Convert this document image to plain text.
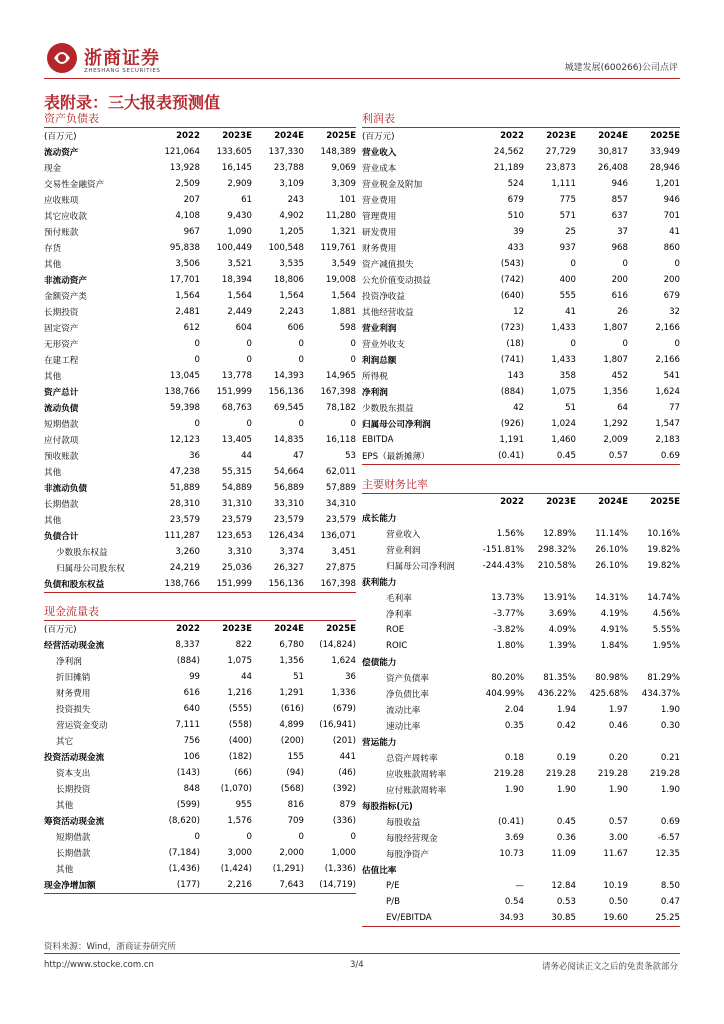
浙商证券
ZHESHANG SECURITIES	城建发展(600266)公司点评
表附录：三大报表预测值
资产负债表
(百万元)	2022	2023E	2024E	2025E
流动资产	121,064	133,605	137,330	148,389
现金	13,928	16,145	23,788	9,069
交易性金融资产	2,509	2,909	3,109	3,309
应收账项	207	61	243	101
其它应收款	4,108	9,430	4,902	11,280
预付账款	967	1,090	1,205	1,321
存货	95,838	100,449	100,548	119,761
其他	3,506	3,521	3,535	3,549
非流动资产	17,701	18,394	18,806	19,008
金额资产类	1,564	1,564	1,564	1,564
长期投资	2,481	2,449	2,243	1,881
固定资产	612	604	606	598
无形资产	0	0	0	0
在建工程	0	0	0	0
其他	13,045	13,778	14,393	14,965
资产总计	138,766	151,999	156,136	167,398
流动负债	59,398	68,763	69,545	78,182
短期借款	0	0	0	0
应付款项	12,123	13,405	14,835	16,118
预收账款	36	44	47	53
其他	47,238	55,315	54,664	62,011
非流动负债	51,889	54,889	56,889	57,889
长期借款	28,310	31,310	33,310	34,310
其他	23,579	23,579	23,579	23,579
负债合计	111,287	123,653	126,434	136,071
少数股东权益	3,260	3,310	3,374	3,451
归属母公司股东权	24,219	25,036	26,327	27,875
负债和股东权益	138,766	151,999	156,136	167,398
现金流量表
(百万元)	2022	2023E	2024E	2025E
经营活动现金流	8,337	822	6,780	(14,824)
净利润	(884)	1,075	1,356	1,624
折旧摊销	99	44	51	36
财务费用	616	1,216	1,291	1,336
投资损失	640	(555)	(616)	(679)
营运资金变动	7,111	(558)	4,899	(16,941)
其它	756	(400)	(200)	(201)
投资活动现金流	106	(182)	155	441
资本支出	(143)	(66)	(94)	(46)
长期投资	848	(1,070)	(568)	(392)
其他	(599)	955	816	879
筹资活动现金流	(8,620)	1,576	709	(336)
短期借款	0	0	0	0
长期借款	(7,184)	3,000	2,000	1,000
其他	(1,436)	(1,424)	(1,291)	(1,336)
现金净增加额	(177)	2,216	7,643	(14,719)
利润表
(百万元)	2022	2023E	2024E	2025E
营业收入	24,562	27,729	30,817	33,949
营业成本	21,189	23,873	26,408	28,946
营业税金及附加	524	1,111	946	1,201
营业费用	679	775	857	946
管理费用	510	571	637	701
研发费用	39	25	37	41
财务费用	433	937	968	860
资产减值损失	(543)	0	0	0
公允价值变动损益	(742)	400	200	200
投资净收益	(640)	555	616	679
其他经营收益	12	41	26	32
营业利润	(723)	1,433	1,807	2,166
营业外收支	(18)	0	0	0
利润总额	(741)	1,433	1,807	2,166
所得税	143	358	452	541
净利润	(884)	1,075	1,356	1,624
少数股东损益	42	51	64	77
归属母公司净利润	(926)	1,024	1,292	1,547
EBITDA	1,191	1,460	2,009	2,183
EPS（最新摊薄）	(0.41)	0.45	0.57	0.69
主要财务比率
	2022	2023E	2024E	2025E
成长能力				
营业收入	1.56%	12.89%	11.14%	10.16%
营业利润	-151.81%	298.32%	26.10%	19.82%
归属母公司净利润	-244.43%	210.58%	26.10%	19.82%
获利能力				
毛利率	13.73%	13.91%	14.31%	14.74%
净利率	-3.77%	3.69%	4.19%	4.56%
ROE	-3.82%	4.09%	4.91%	5.55%
ROIC	1.80%	1.39%	1.84%	1.95%
偿债能力				
资产负债率	80.20%	81.35%	80.98%	81.29%
净负债比率	404.99%	436.22%	425.68%	434.37%
流动比率	2.04	1.94	1.97	1.90
速动比率	0.35	0.42	0.46	0.30
营运能力				
总资产周转率	0.18	0.19	0.20	0.21
应收账款周转率	219.28	219.28	219.28	219.28
应付账款周转率	1.90	1.90	1.90	1.90
每股指标(元)				
每股收益	(0.41)	0.45	0.57	0.69
每股经营现金	3.69	0.36	3.00	-6.57
每股净资产	10.73	11.09	11.67	12.35
估值比率				
P/E	—	12.84	10.19	8.50
P/B	0.54	0.53	0.50	0.47
EV/EBITDA	34.93	30.85	19.60	25.25
资料来源：Wind，浙商证券研究所
http://www.stocke.com.cn	3/4	请务必阅读正文之后的免责条款部分
